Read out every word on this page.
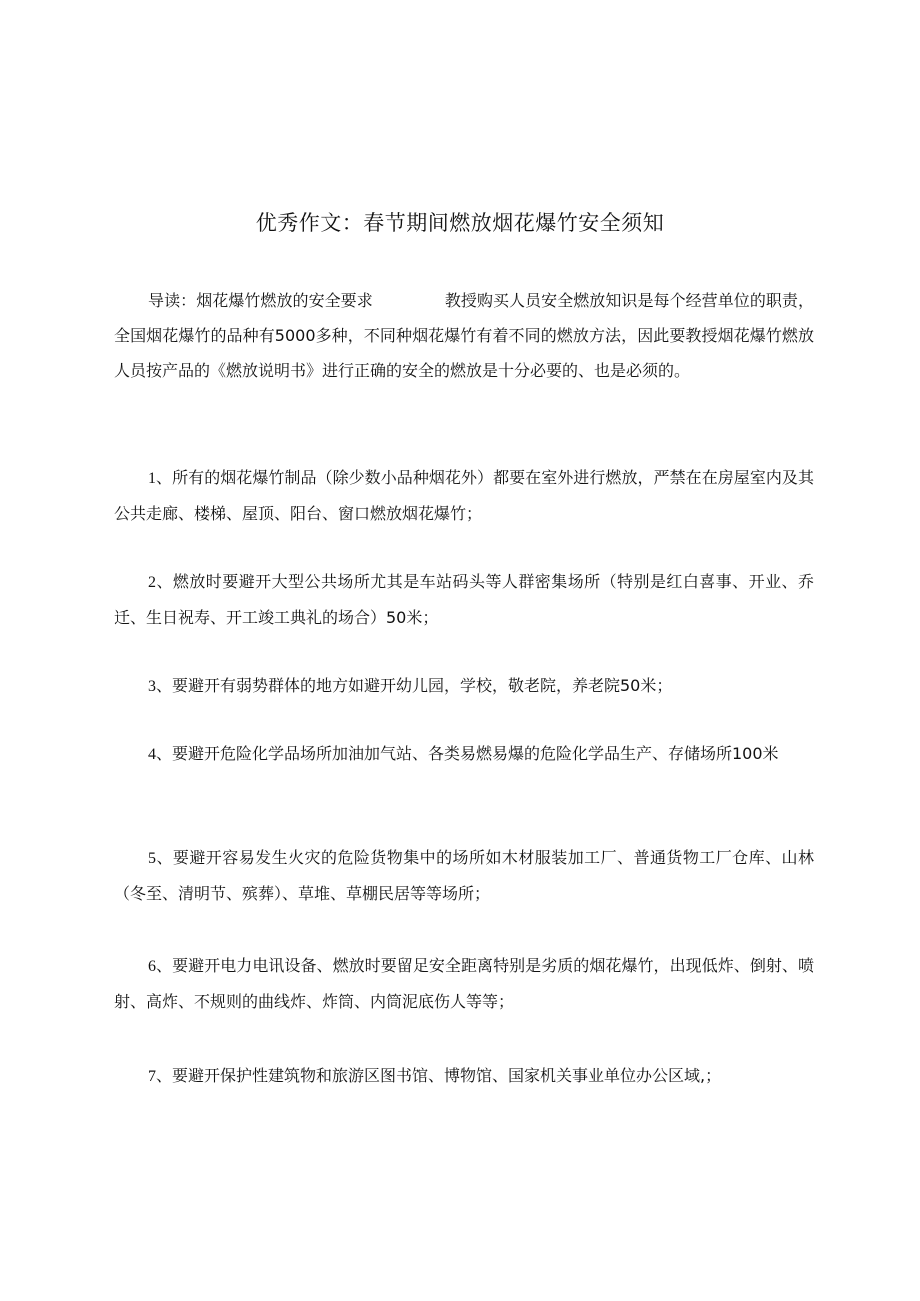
优秀作文：春节期间燃放烟花爆竹安全须知

导读：烟花爆竹燃放的安全要求	教授购买人员安全燃放知识是每个经营单位的职责，全国烟花爆竹的品种有5000多种，不同种烟花爆竹有着不同的燃放方法，因此要教授烟花爆竹燃放人员按产品的《燃放说明书》进行正确的安全的燃放是十分必要的、也是必须的。

1、所有的烟花爆竹制品（除少数小品种烟花外）都要在室外进行燃放，严禁在在房屋室内及其公共走廊、楼梯、屋顶、阳台、窗口燃放烟花爆竹；

2、燃放时要避开大型公共场所尤其是车站码头等人群密集场所（特别是红白喜事、开业、乔迁、生日祝寿、开工竣工典礼的场合）50米；

3、要避开有弱势群体的地方如避开幼儿园，学校，敬老院，养老院50米；

4、要避开危险化学品场所加油加气站、各类易燃易爆的危险化学品生产、存储场所100米

5、要避开容易发生火灾的危险货物集中的场所如木材服装加工厂、普通货物工厂仓库、山林（冬至、清明节、殡葬）、草堆、草棚民居等等场所；

6、要避开电力电讯设备、燃放时要留足安全距离特别是劣质的烟花爆竹，出现低炸、倒射、喷射、高炸、不规则的曲线炸、炸筒、内筒泥底伤人等等；

7、要避开保护性建筑物和旅游区图书馆、博物馆、国家机关事业单位办公区域,；
